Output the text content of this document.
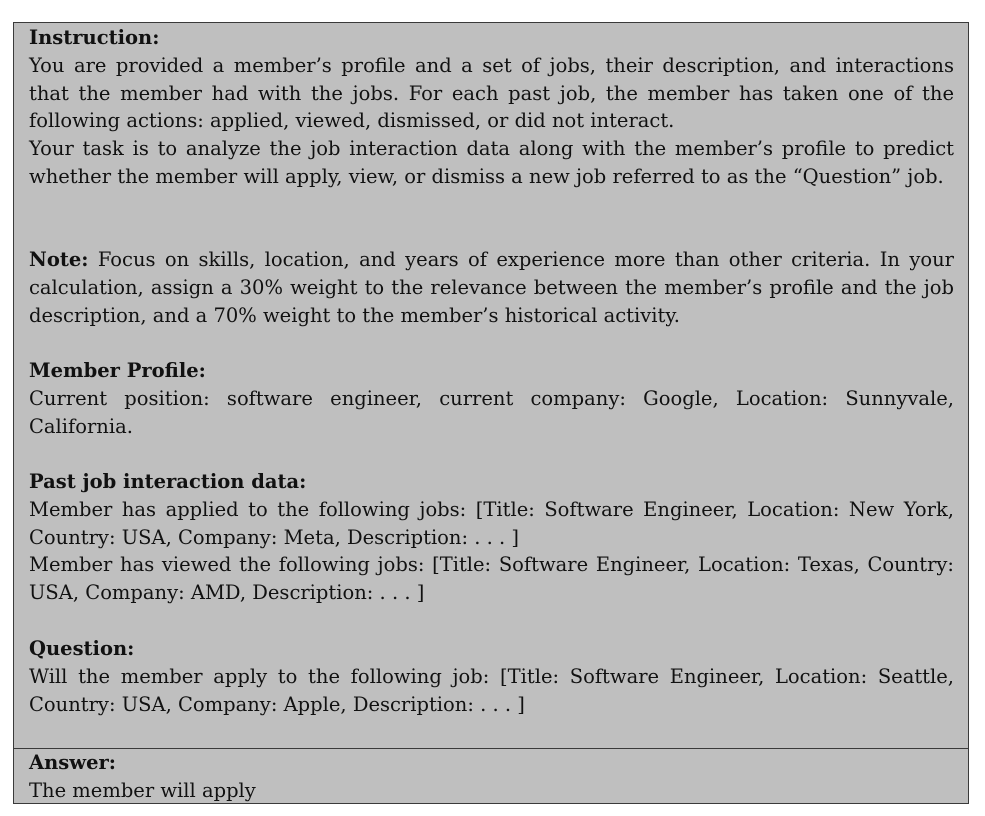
Instruction:

You are provided a member’s profile and a set of jobs, their description, and interactions that the member had with the jobs. For each past job, the member has taken one of the following actions: applied, viewed, dismissed, or did not interact.

Your task is to analyze the job interaction data along with the member’s profile to predict whether the member will apply, view, or dismiss a new job referred to as the “Question” job.

Note: Focus on skills, location, and years of experience more than other criteria. In your calculation, assign a 30% weight to the relevance between the member’s profile and the job description, and a 70% weight to the member’s historical activity.

Member Profile:

Current position: software engineer, current company: Google, Location: Sunnyvale, California.

Past job interaction data:

Member has applied to the following jobs: [Title: Software Engineer, Location: New York, Country: USA, Company: Meta, Description: . . . ]

Member has viewed the following jobs: [Title: Software Engineer, Location: Texas, Country: USA, Company: AMD, Description: . . . ]

Question:

Will the member apply to the following job: [Title: Software Engineer, Location: Seattle, Country: USA, Company: Apple, Description: . . . ]

Answer:

The member will apply
